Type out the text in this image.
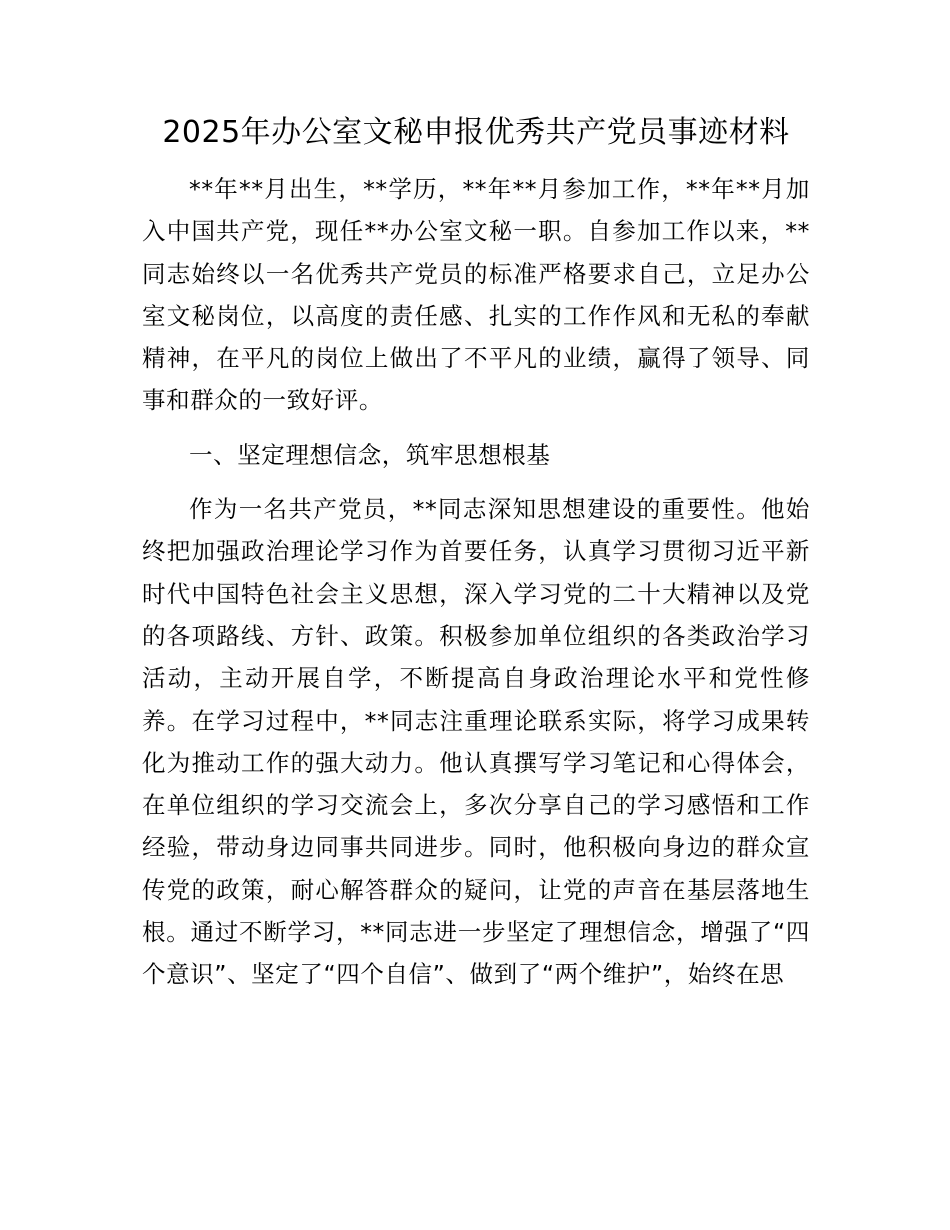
2025年办公室文秘申报优秀共产党员事迹材料

**年**月出生，**学历，**年**月参加工作，**年**月加入中国共产党，现任**办公室文秘一职。自参加工作以来，**同志始终以一名优秀共产党员的标准严格要求自己，立足办公室文秘岗位，以高度的责任感、扎实的工作作风和无私的奉献精神，在平凡的岗位上做出了不平凡的业绩，赢得了领导、同事和群众的一致好评。

一、坚定理想信念，筑牢思想根基

作为一名共产党员，**同志深知思想建设的重要性。他始终把加强政治理论学习作为首要任务，认真学习贯彻习近平新时代中国特色社会主义思想，深入学习党的二十大精神以及党的各项路线、方针、政策。积极参加单位组织的各类政治学习活动，主动开展自学，不断提高自身政治理论水平和党性修养。在学习过程中，**同志注重理论联系实际，将学习成果转化为推动工作的强大动力。他认真撰写学习笔记和心得体会，在单位组织的学习交流会上，多次分享自己的学习感悟和工作经验，带动身边同事共同进步。同时，他积极向身边的群众宣传党的政策，耐心解答群众的疑问，让党的声音在基层落地生根。通过不断学习，**同志进一步坚定了理想信念，增强了“四个意识”、坚定了“四个自信”、做到了“两个维护”，始终在思
